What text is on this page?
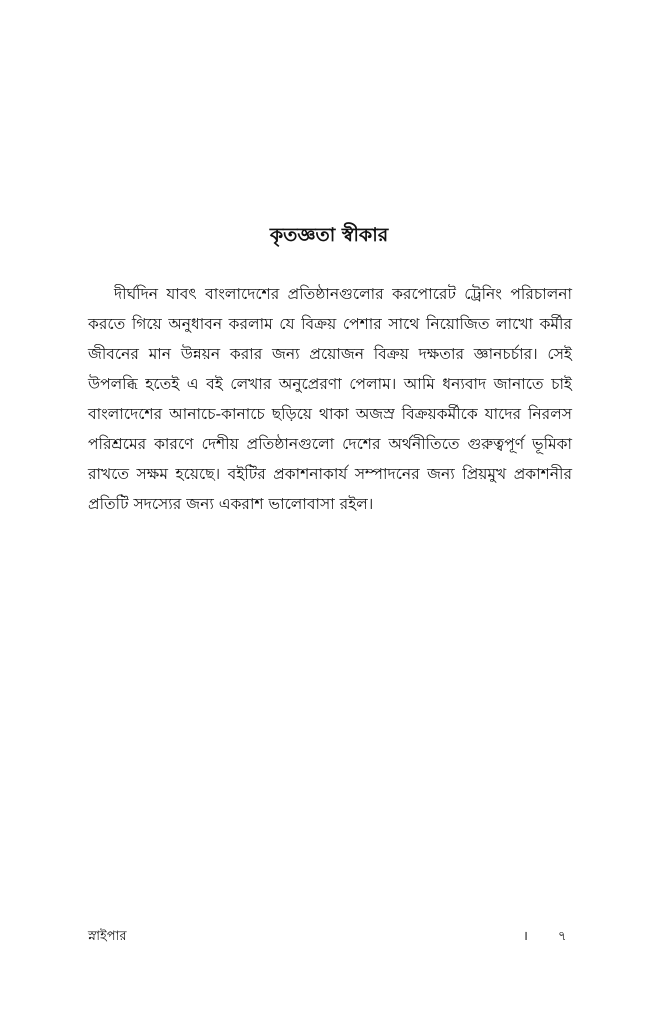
কৃতজ্ঞতা স্বীকার

দীর্ঘদিন যাবৎ বাংলাদেশের প্রতিষ্ঠানগুলোর করপোরেট ট্রেনিং পরিচালনা করতে গিয়ে অনুধাবন করলাম যে বিক্রয় পেশার সাথে নিয়োজিত লাখো কর্মীর জীবনের মান উন্নয়ন করার জন্য প্রয়োজন বিক্রয় দক্ষতার জ্ঞানচর্চার। সেই উপলব্ধি হতেই এ বই লেখার অনুপ্রেরণা পেলাম। আমি ধন্যবাদ জানাতে চাই বাংলাদেশের আনাচে-কানাচে ছড়িয়ে থাকা অজস্র বিক্রয়কর্মীকে যাদের নিরলস পরিশ্রমের কারণে দেশীয় প্রতিষ্ঠানগুলো দেশের অর্থনীতিতে গুরুত্বপূর্ণ ভূমিকা রাখতে সক্ষম হয়েছে। বইটির প্রকাশনাকার্য সম্পাদনের জন্য প্রিয়মুখ প্রকাশনীর প্রতিটি সদস্যের জন্য একরাশ ভালোবাসা রইল।

স্নাইপার	। ৭
